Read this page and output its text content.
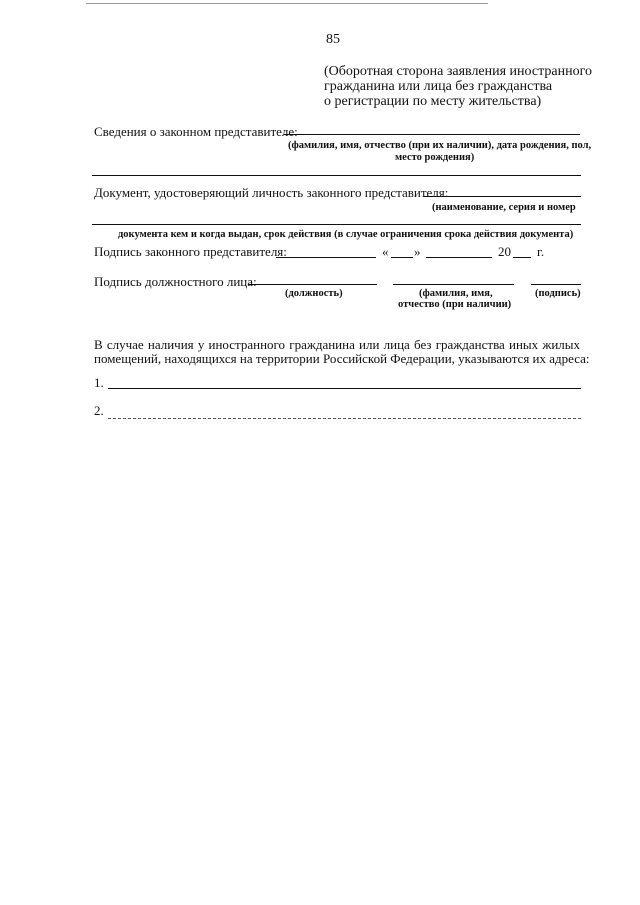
85
(Оборотная сторона заявления иностранного
гражданина или лица без гражданства
о регистрации по месту жительства)
Сведения о законном представителе:
(фамилия, имя, отчество (при их наличии), дата рождения, пол,
место рождения)
Документ, удостоверяющий личность законного представителя:
(наименование, серия и номер
документа кем и когда выдан, срок действия (в случае ограничения срока действия документа)
Подпись законного представителя:	« »	20 г.
Подпись должностного лица:
(должность)	(фамилия, имя,
отчество (при наличии)
(подпись)
В случае наличия у иностранного гражданина или лица без гражданства иных жилых
помещений, находящихся на территории Российской Федерации, указываются их адреса:
1.
2.
